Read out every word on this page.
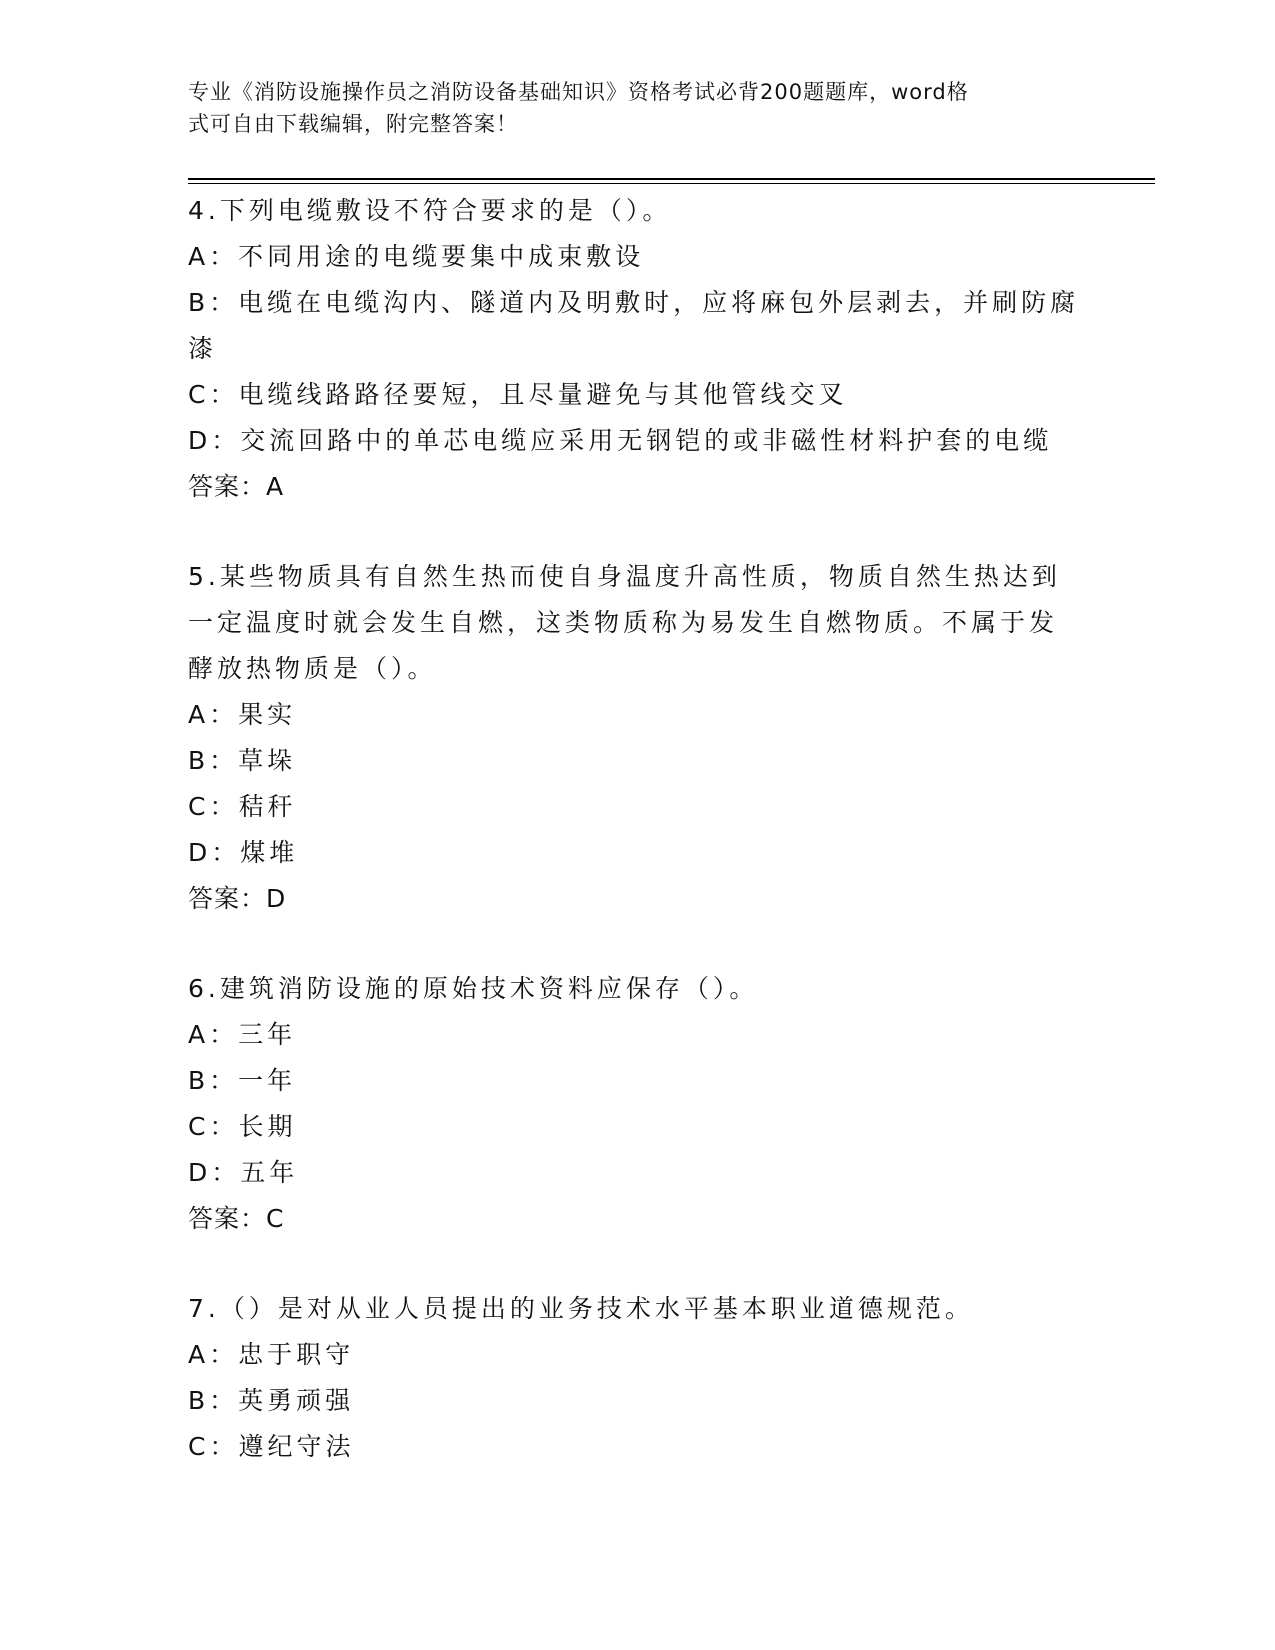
专业《消防设施操作员之消防设备基础知识》资格考试必背200题题库，word格
式可自由下载编辑，附完整答案！
4.下列电缆敷设不符合要求的是（）。
A：不同用途的电缆要集中成束敷设
B：电缆在电缆沟内、隧道内及明敷时，应将麻包外层剥去，并刷防腐
漆
C：电缆线路路径要短，且尽量避免与其他管线交叉
D：交流回路中的单芯电缆应采用无钢铠的或非磁性材料护套的电缆
答案：A
5.某些物质具有自然生热而使自身温度升高性质，物质自然生热达到
一定温度时就会发生自燃，这类物质称为易发生自燃物质。不属于发
酵放热物质是（）。
A：果实
B：草垛
C：秸秆
D：煤堆
答案：D
6.建筑消防设施的原始技术资料应保存（）。
A：三年
B：一年
C：长期
D：五年
答案：C
7.（）是对从业人员提出的业务技术水平基本职业道德规范。
A：忠于职守
B：英勇顽强
C：遵纪守法
